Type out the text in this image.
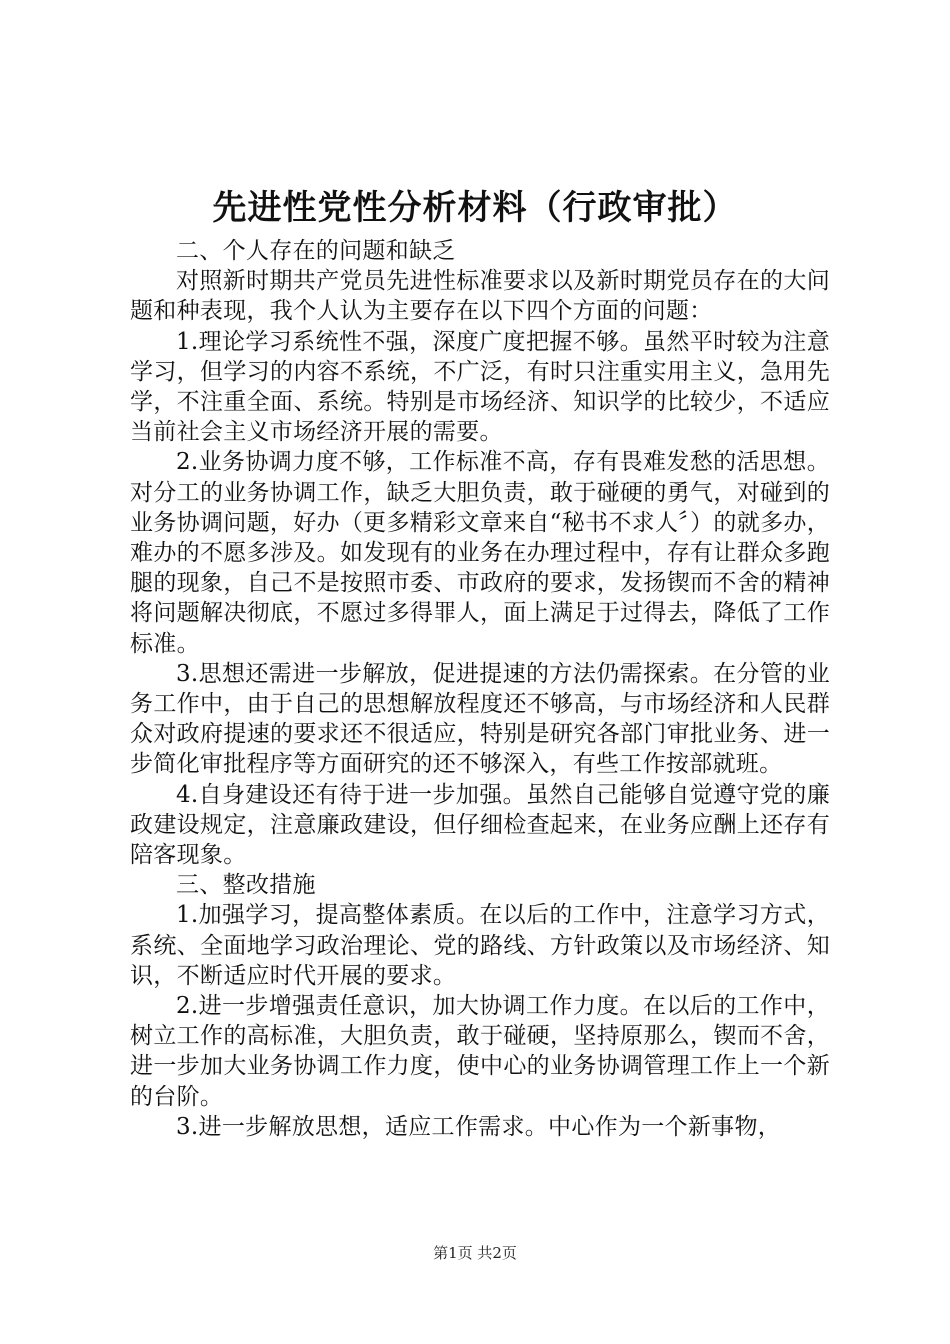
先进性党性分析材料（行政审批）

二、个人存在的问题和缺乏

对照新时期共产党员先进性标准要求以及新时期党员存在的大问题和种表现，我个人认为主要存在以下四个方面的问题：

1.理论学习系统性不强，深度广度把握不够。虽然平时较为注意学习，但学习的内容不系统，不广泛，有时只注重实用主义，急用先学，不注重全面、系统。特别是市场经济、知识学的比较少，不适应当前社会主义市场经济开展的需要。

2.业务协调力度不够，工作标准不高，存有畏难发愁的活思想。对分工的业务协调工作，缺乏大胆负责，敢于碰硬的勇气，对碰到的业务协调问题，好办（更多精彩文章来自“秘书不求人〞）的就多办，难办的不愿多涉及。如发现有的业务在办理过程中，存有让群众多跑腿的现象，自己不是按照市委、市政府的要求，发扬锲而不舍的精神将问题解决彻底，不愿过多得罪人，面上满足于过得去，降低了工作标准。

3.思想还需进一步解放，促进提速的方法仍需探索。在分管的业务工作中，由于自己的思想解放程度还不够高，与市场经济和人民群众对政府提速的要求还不很适应，特别是研究各部门审批业务、进一步简化审批程序等方面研究的还不够深入，有些工作按部就班。

4.自身建设还有待于进一步加强。虽然自己能够自觉遵守党的廉政建设规定，注意廉政建设，但仔细检查起来，在业务应酬上还存有陪客现象。

三、整改措施

1.加强学习，提高整体素质。在以后的工作中，注意学习方式，系统、全面地学习政治理论、党的路线、方针政策以及市场经济、知识，不断适应时代开展的要求。

2.进一步增强责任意识，加大协调工作力度。在以后的工作中，树立工作的高标准，大胆负责，敢于碰硬，坚持原那么，锲而不舍，进一步加大业务协调工作力度，使中心的业务协调管理工作上一个新的台阶。

3.进一步解放思想，适应工作需求。中心作为一个新事物，

第1页 共2页
